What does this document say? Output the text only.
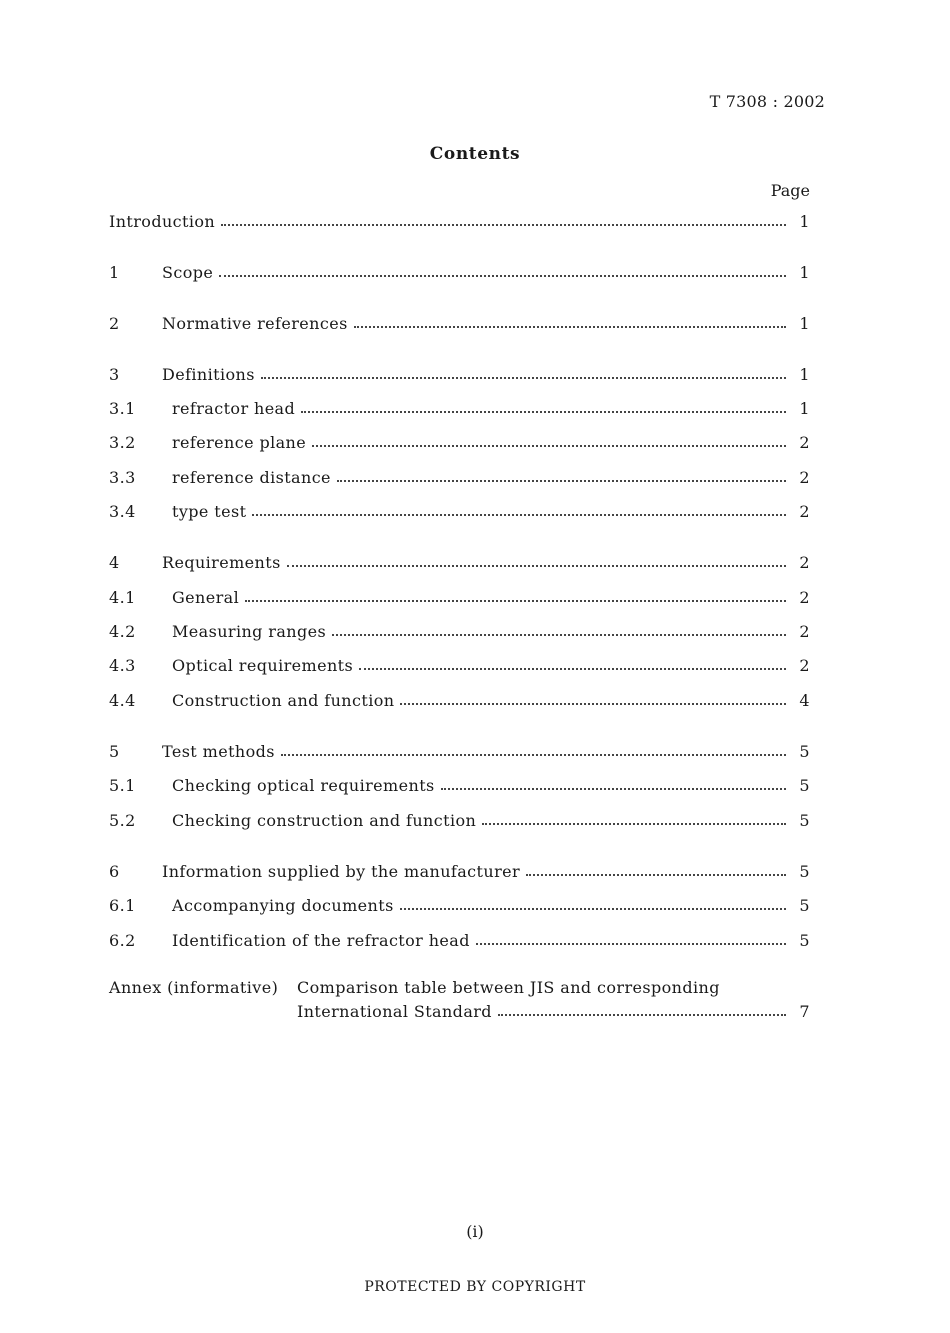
T 7308 : 2002
Contents
Page
Introduction	1
1	Scope	1
2	Normative references	1
3	Definitions	1
3.1	refractor head	1
3.2	reference plane	2
3.3	reference distance	2
3.4	type test	2
4	Requirements	2
4.1	General	2
4.2	Measuring ranges	2
4.3	Optical requirements	2
4.4	Construction and function	4
5	Test methods	5
5.1	Checking optical requirements	5
5.2	Checking construction and function	5
6	Information supplied by the manufacturer	5
6.1	Accompanying documents	5
6.2	Identification of the refractor head	5
Annex (informative) Comparison table between JIS and corresponding
International Standard	7
(i)
PROTECTED BY COPYRIGHT
